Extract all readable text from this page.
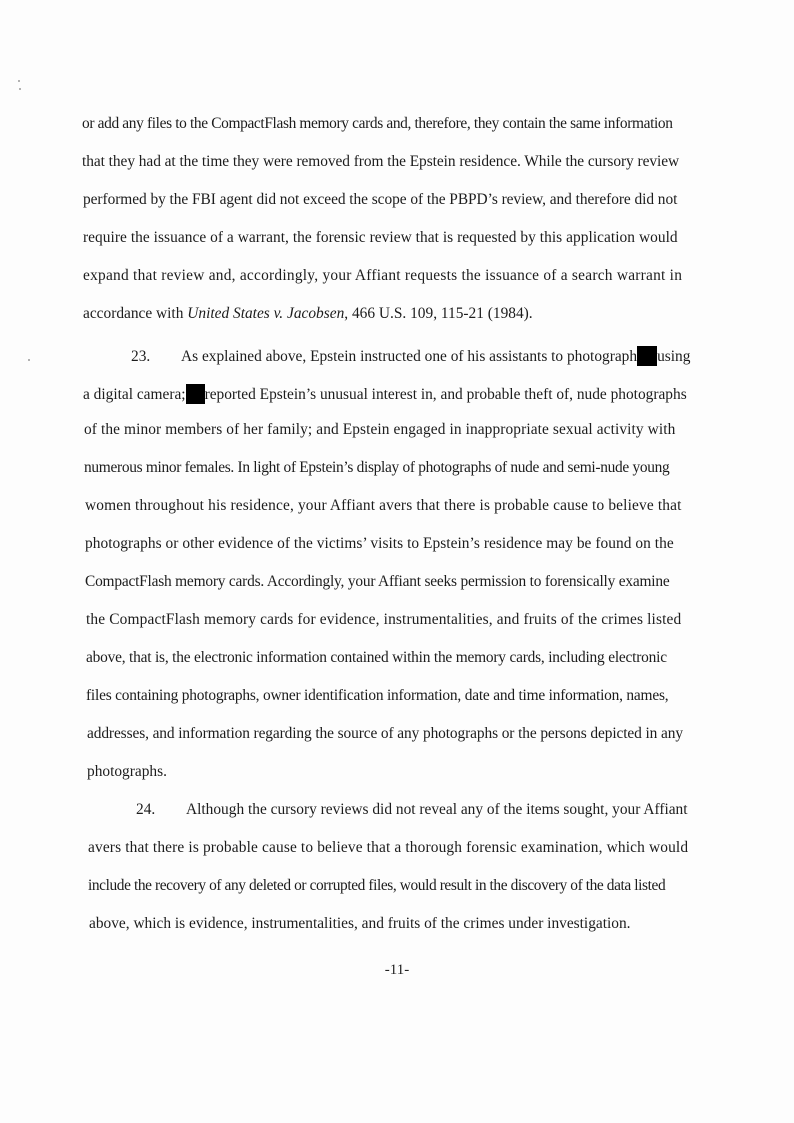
or add any files to the CompactFlash memory cards and, therefore, they contain the same information
that they had at the time they were removed from the Epstein residence. While the cursory review
performed by the FBI agent did not exceed the scope of the PBPD’s review, and therefore did not
require the issuance of a warrant, the forensic review that is requested by this application would
expand that review and, accordingly, your Affiant requests the issuance of a search warrant in
accordance with United States v. Jacobsen, 466 U.S. 109, 115-21 (1984).
23. As explained above, Epstein instructed one of his assistants to photograph using
a digital camera; reported Epstein’s unusual interest in, and probable theft of, nude photographs
of the minor members of her family; and Epstein engaged in inappropriate sexual activity with
numerous minor females. In light of Epstein’s display of photographs of nude and semi-nude young
women throughout his residence, your Affiant avers that there is probable cause to believe that
photographs or other evidence of the victims’ visits to Epstein’s residence may be found on the
CompactFlash memory cards. Accordingly, your Affiant seeks permission to forensically examine
the CompactFlash memory cards for evidence, instrumentalities, and fruits of the crimes listed
above, that is, the electronic information contained within the memory cards, including electronic
files containing photographs, owner identification information, date and time information, names,
addresses, and information regarding the source of any photographs or the persons depicted in any
photographs.
24. Although the cursory reviews did not reveal any of the items sought, your Affiant
avers that there is probable cause to believe that a thorough forensic examination, which would
include the recovery of any deleted or corrupted files, would result in the discovery of the data listed
above, which is evidence, instrumentalities, and fruits of the crimes under investigation.
-11-
